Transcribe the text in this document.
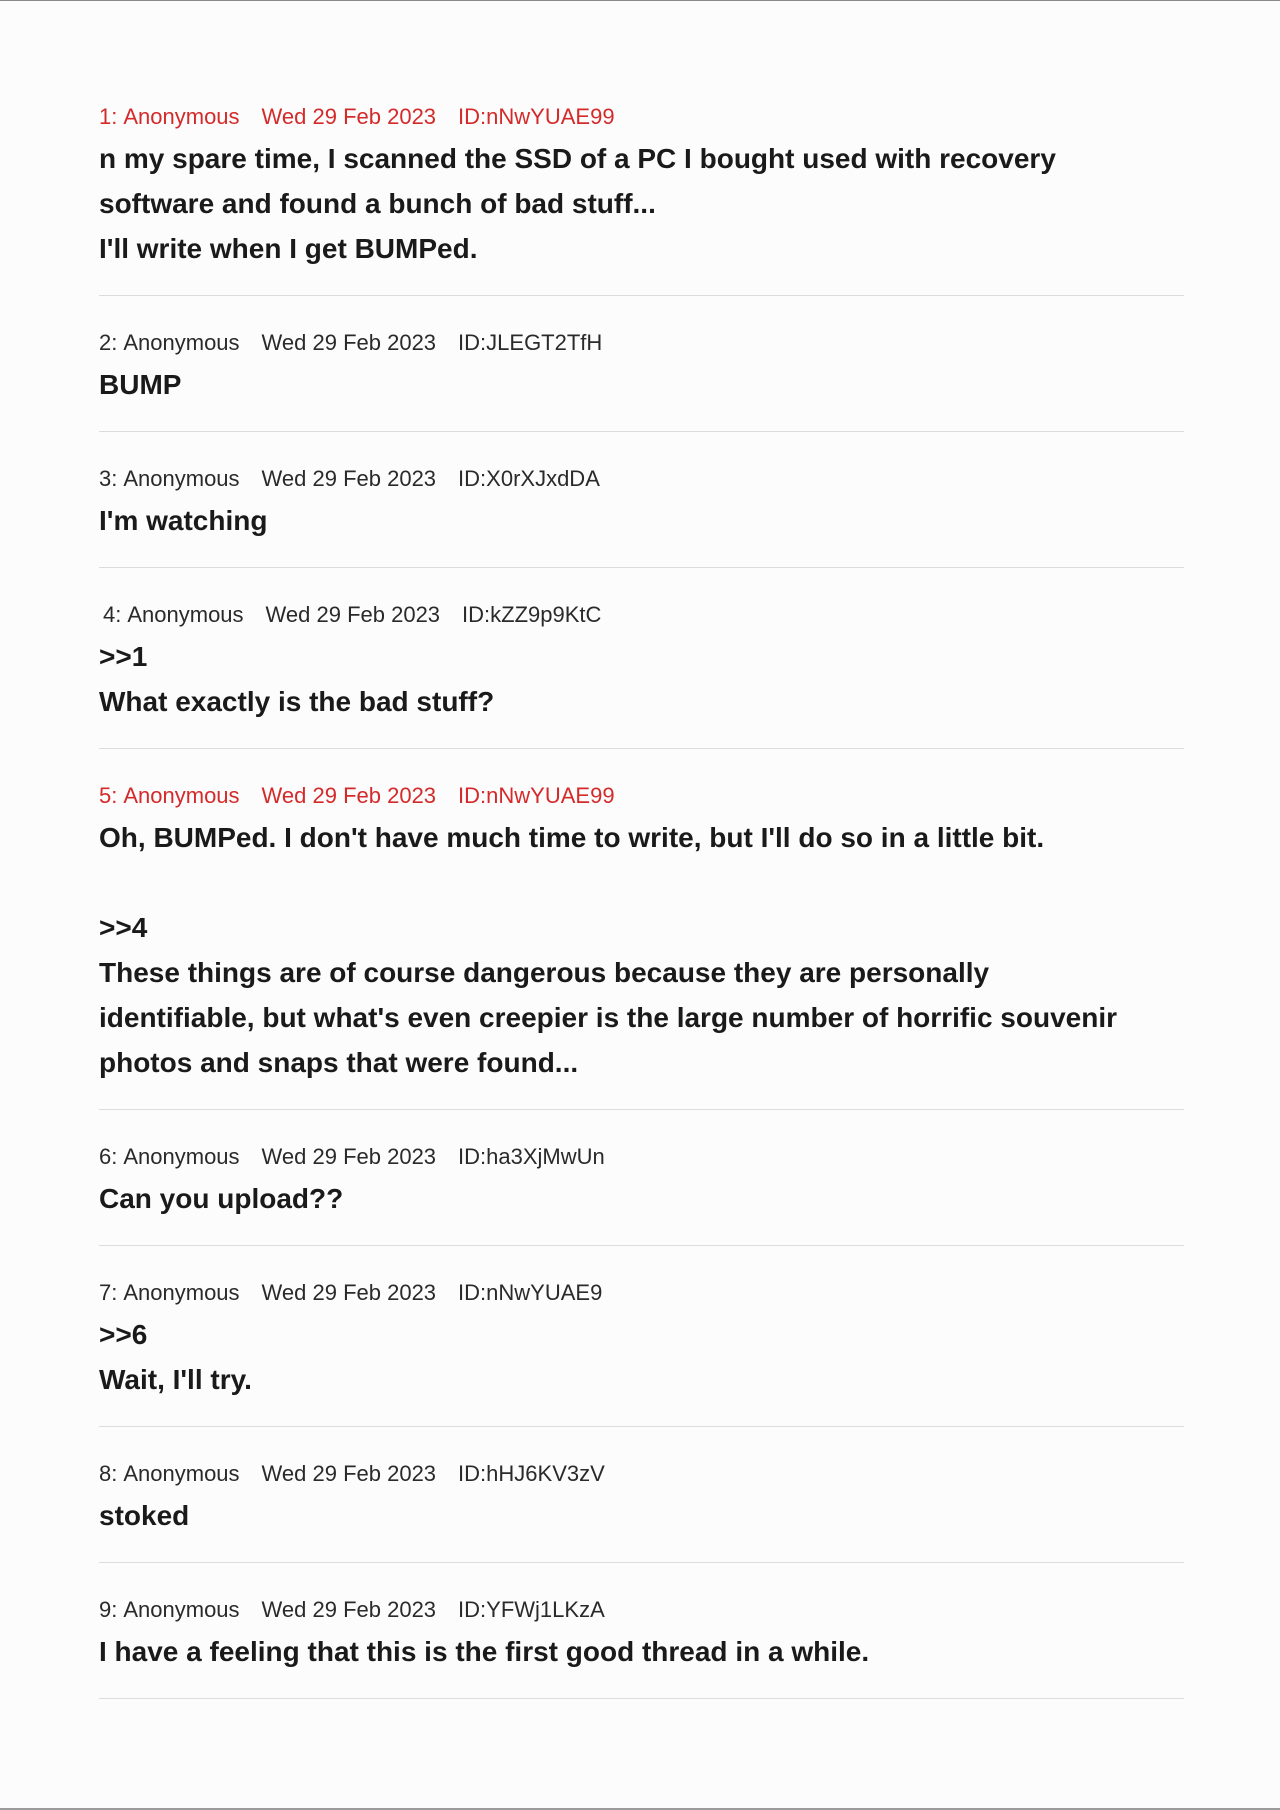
1: Anonymous Wed 29 Feb 2023 ID:nNwYUAE99
n my spare time, I scanned the SSD of a PC I bought used with recovery
software and found a bunch of bad stuff...
I'll write when I get BUMPed.
2: Anonymous Wed 29 Feb 2023 ID:JLEGT2TfH
BUMP
3: Anonymous Wed 29 Feb 2023 ID:X0rXJxdDA
I'm watching
4: Anonymous Wed 29 Feb 2023 ID:kZZ9p9KtC
>>1
What exactly is the bad stuff?
5: Anonymous Wed 29 Feb 2023 ID:nNwYUAE99
Oh, BUMPed. I don't have much time to write, but I'll do so in a little bit.
>>4
These things are of course dangerous because they are personally
identifiable, but what's even creepier is the large number of horrific souvenir
photos and snaps that were found...
6: Anonymous Wed 29 Feb 2023 ID:ha3XjMwUn
Can you upload??
7: Anonymous Wed 29 Feb 2023 ID:nNwYUAE9
>>6
Wait, I'll try.
8: Anonymous Wed 29 Feb 2023 ID:hHJ6KV3zV
stoked
9: Anonymous Wed 29 Feb 2023 ID:YFWj1LKzA
I have a feeling that this is the first good thread in a while.
